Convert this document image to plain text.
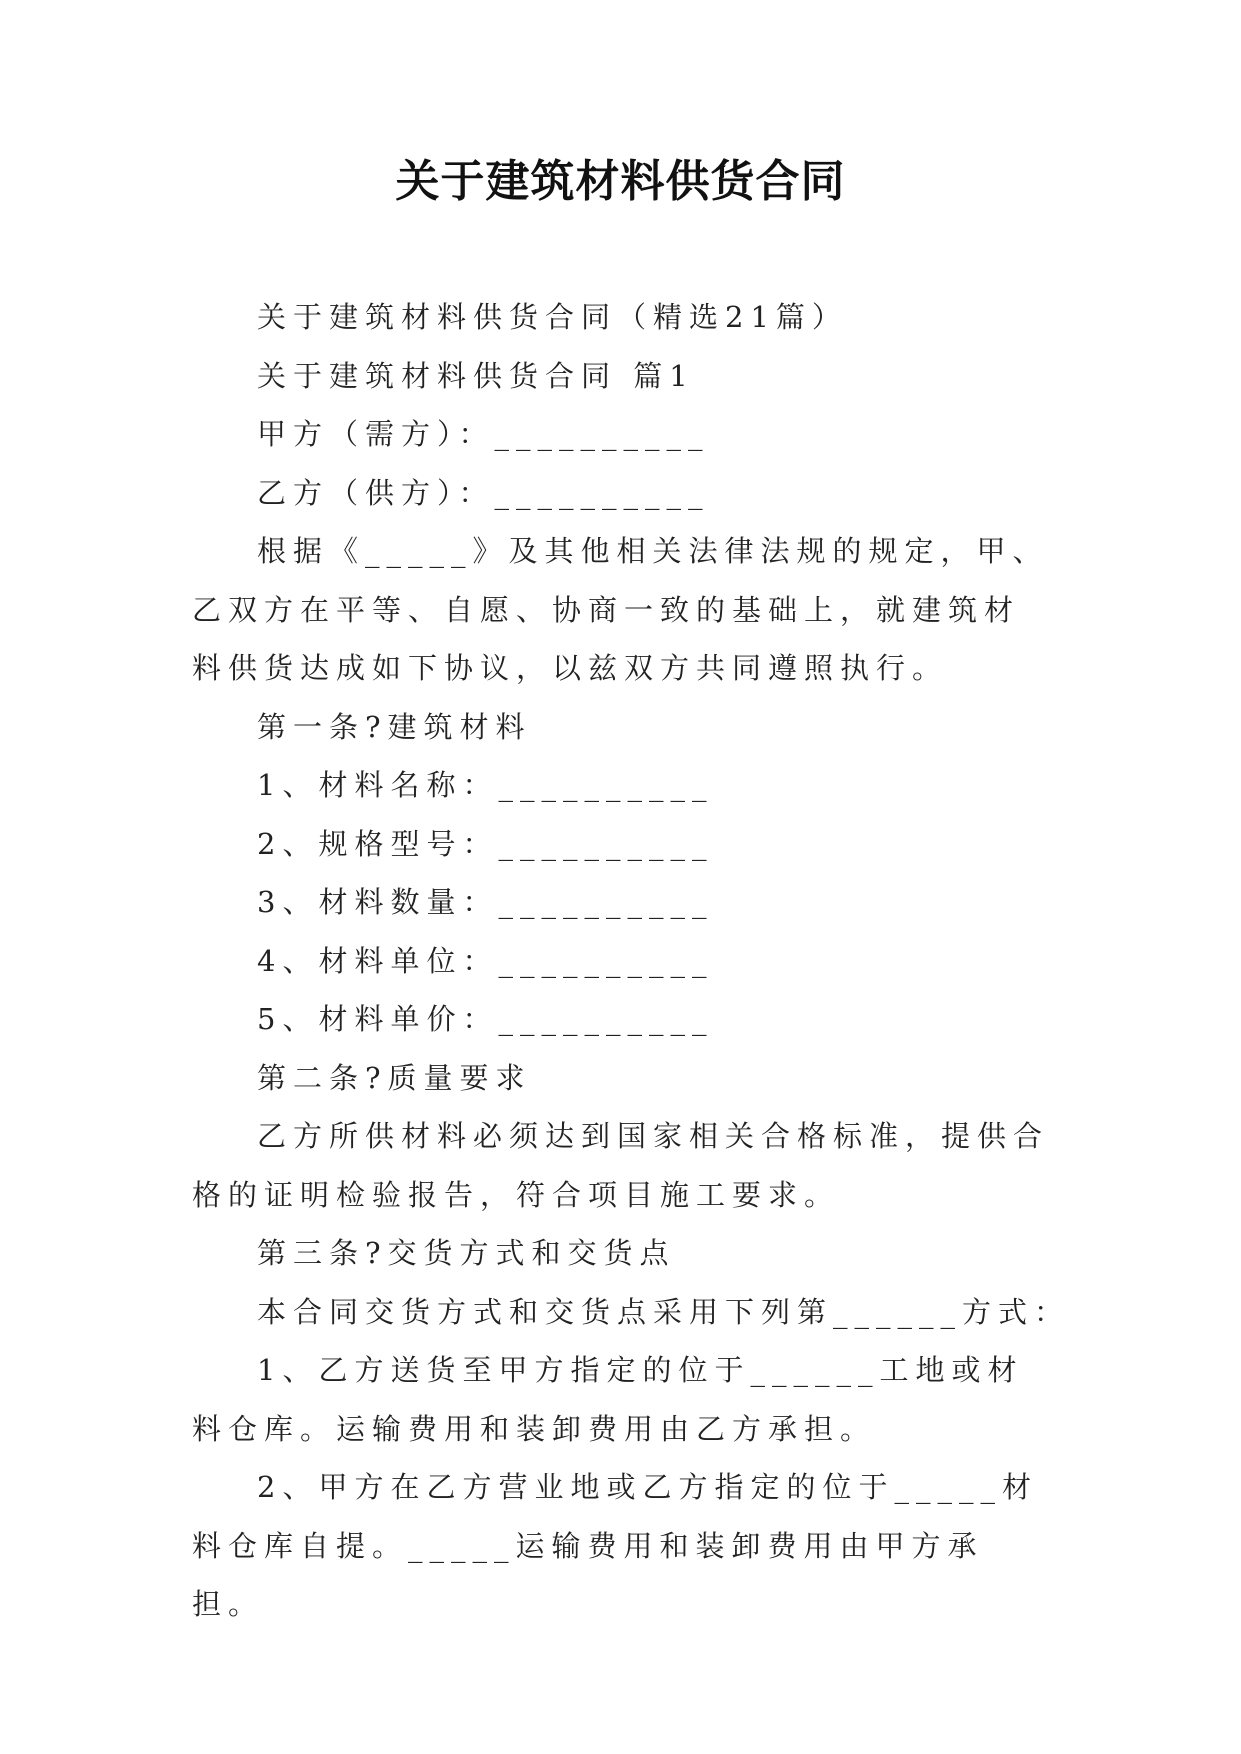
关于建筑材料供货合同

关于建筑材料供货合同（精选21篇）

关于建筑材料供货合同 篇1

甲方（需方）：__________

乙方（供方）：__________

根据《_____》及其他相关法律法规的规定，甲、乙双方在平等、自愿、协商一致的基础上，就建筑材料供货达成如下协议，以兹双方共同遵照执行。

第一条?建筑材料

1、材料名称：__________

2、规格型号：__________

3、材料数量：__________

4、材料单位：__________

5、材料单价：__________

第二条?质量要求

乙方所供材料必须达到国家相关合格标准，提供合格的证明检验报告，符合项目施工要求。

第三条?交货方式和交货点

本合同交货方式和交货点采用下列第______方式：

1、乙方送货至甲方指定的位于______工地或材料仓库。运输费用和装卸费用由乙方承担。

2、甲方在乙方营业地或乙方指定的位于_____材料仓库自提。_____运输费用和装卸费用由甲方承担。
